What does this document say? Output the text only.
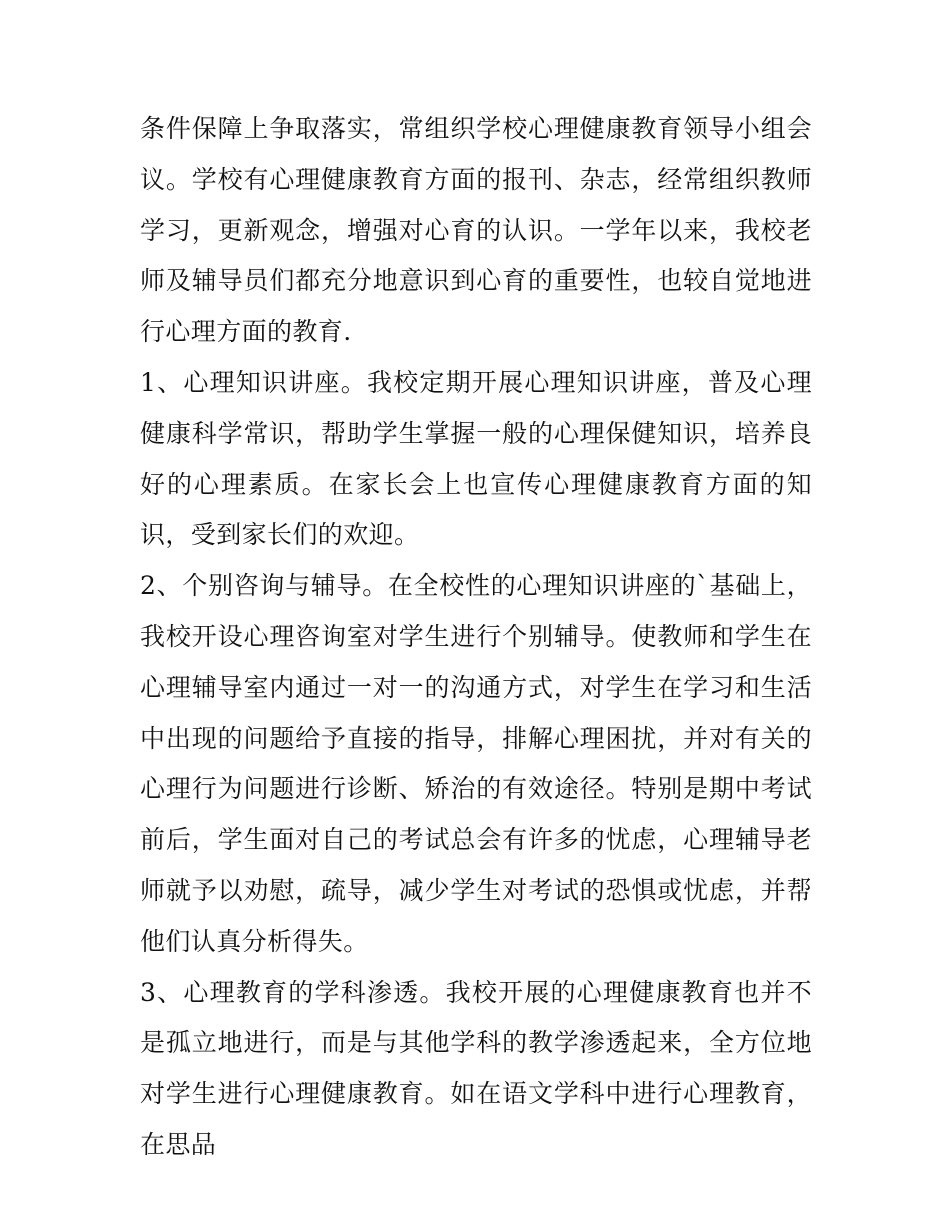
条件保障上争取落实，常组织学校心理健康教育领导小组会议。学校有心理健康教育方面的报刊、杂志，经常组织教师学习，更新观念，增强对心育的认识。一学年以来，我校老师及辅导员们都充分地意识到心育的重要性，也较自觉地进行心理方面的教育.

1、心理知识讲座。我校定期开展心理知识讲座，普及心理健康科学常识，帮助学生掌握一般的心理保健知识，培养良好的心理素质。在家长会上也宣传心理健康教育方面的知识，受到家长们的欢迎。

2、个别咨询与辅导。在全校性的心理知识讲座的`基础上，我校开设心理咨询室对学生进行个别辅导。使教师和学生在心理辅导室内通过一对一的沟通方式，对学生在学习和生活中出现的问题给予直接的指导，排解心理困扰，并对有关的心理行为问题进行诊断、矫治的有效途径。特别是期中考试前后，学生面对自己的考试总会有许多的忧虑，心理辅导老师就予以劝慰，疏导，减少学生对考试的恐惧或忧虑，并帮他们认真分析得失。

3、心理教育的学科渗透。我校开展的心理健康教育也并不是孤立地进行，而是与其他学科的教学渗透起来，全方位地对学生进行心理健康教育。如在语文学科中进行心理教育，在思品
